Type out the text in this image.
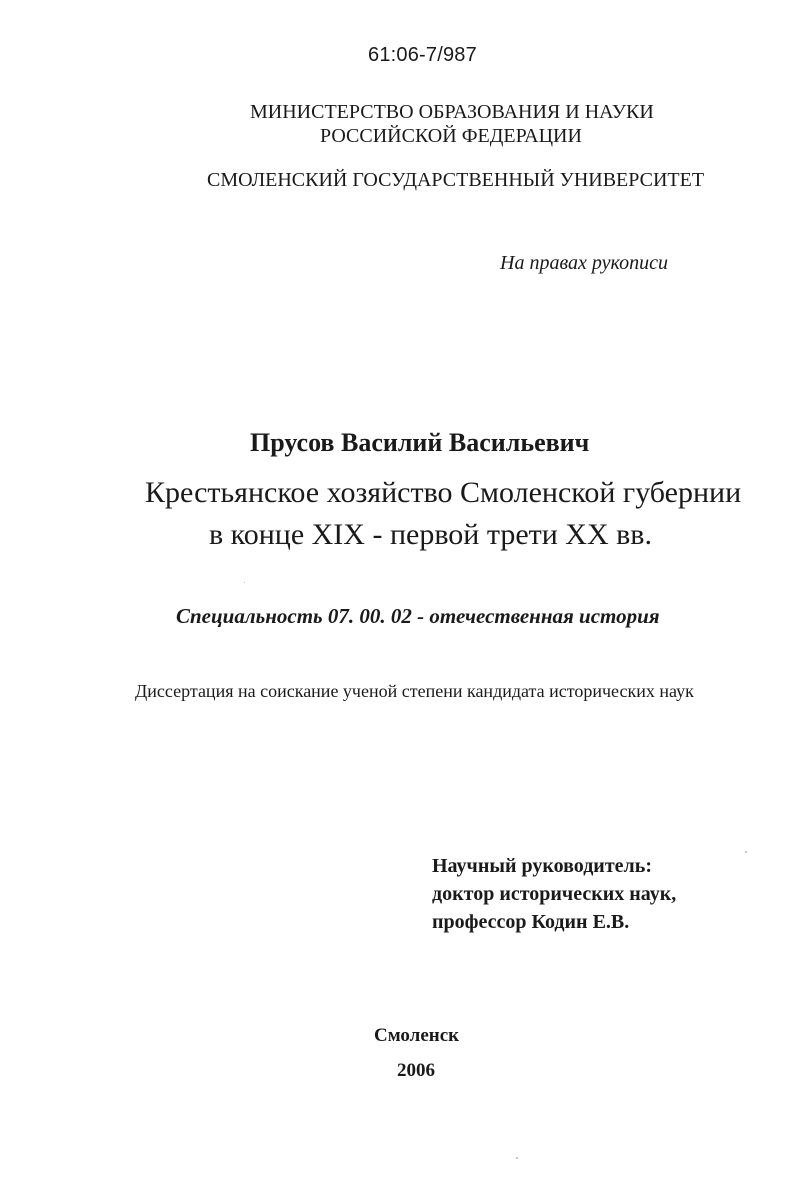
61:06-7/987
МИНИСТЕРСТВО ОБРАЗОВАНИЯ И НАУКИ
РОССИЙСКОЙ ФЕДЕРАЦИИ
СМОЛЕНСКИЙ ГОСУДАРСТВЕННЫЙ УНИВЕРСИТЕТ
На правах рукописи
Прусов Василий Васильевич
Крестьянское хозяйство Смоленской губернии
в конце XIX - первой трети XX вв.
Специальность 07. 00. 02 - отечественная история
Диссертация на соискание ученой степени кандидата исторических наук
Научный руководитель:
доктор исторических наук,
профессор Кодин Е.В.
Смоленск
2006
